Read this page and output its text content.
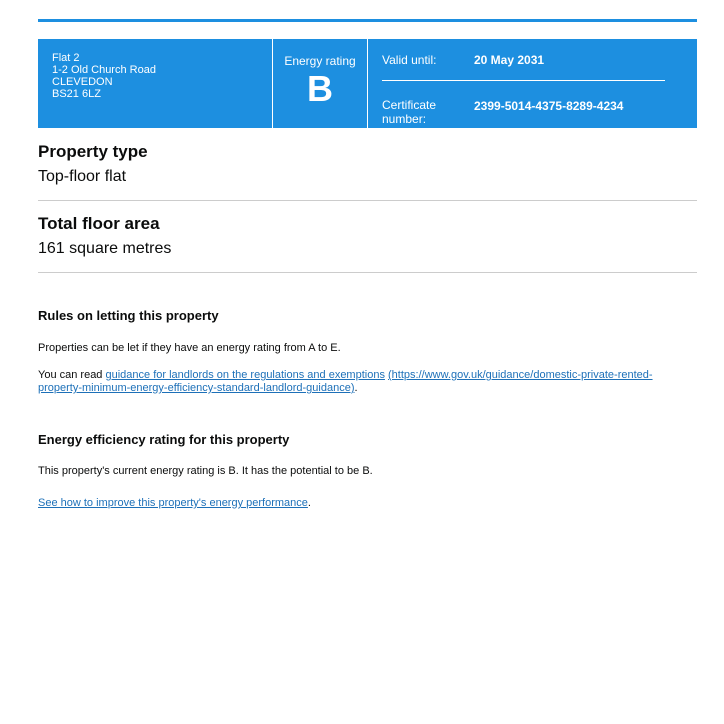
Flat 2
1-2 Old Church Road
CLEVEDON
BS21 6LZ
Energy rating
B
Valid until:	20 May 2031
Certificate number:
2399-5014-4375-8289-4234
Property type
Top-floor flat
Total floor area
161 square metres
Rules on letting this property
Properties can be let if they have an energy rating from A to E.
You can read guidance for landlords on the regulations and exemptions (https://www.gov.uk/guidance/domestic-private-rented-property-minimum-energy-efficiency-standard-landlord-guidance).
Energy efficiency rating for this property
This property's current energy rating is B. It has the potential to be B.
See how to improve this property's energy performance.
